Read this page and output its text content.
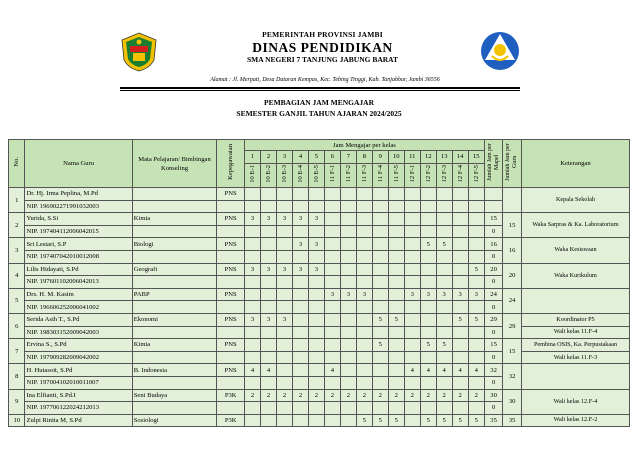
PEMERINTAH PROVINSI JAMBI
DINAS PENDIDIKAN
SMA NEGERI 7 TANJUNG JABUNG BARAT
Alamat : Jl. Merpati, Desa Dataran Kempas, Kec. Tebing Tinggi, Kab. Tanjabbar, Jambi 36556
PEMBAGIAN JAM MENGAJAR
SEMESTER GANJIL TAHUN AJARAN 2024/2025
No.	Nama Guru	Mata Pelajaran/ Bimbingan Konseling	Kepegawaian	Jam Mengajar per kelas															Jumlah Jam per Mapel	Jumlah Jam per Guru	Keterangan
				1	2	3	4	5	6	7	8	9	10	11	12	13	14	15			
				10 E-1	10 E-2	10 E-3	10 E-4	10 E-5	11 F-1	11 F-2	11 F-3	11 F-4	11 F-5	12 F-1	12 F-2	12 F-3	12 F-4	12 F-5			
1	Dr. Hj. Irma Peplina, M.Pd		PNS																		Kepala Sekolah
	NIP. 196902271991032003																				
2	Yurida, S.Si	Kimia	PNS	3	3	3	3	3											15	15	Waka Sarpras & Ka. Laboratorium
	NIP. 197404112006042015																		0		
3	Sri Lestari, S.P	Biologi	PNS				3	3							5	5			16	16	Waka Kesiswaan
	NIP. 197407042010012008																		0		
4	Lilis Hidayati, S.Pd	Geografi	PNS	3	3	3	3	3										5	20	20	Waka Kurikulum
	NIP. 197601102006042013																		0		
5	Drs. H. M. Kasim	PABP	PNS						3	3	3			3	3	3	3	3	24	24	
	NIP. 196606252006041002																		0		
6	Serida Asih T., S.Pd	Ekonomi	PNS	3	3	3						5	5				5	5	29	29	Koordinator P5
	NIP. 198303152009042003																		0		Wali kelas 11.F-4
7	Ervina S., S.Pd	Kimia	PNS									5			5	5			15	15	Pembina OSIS, Ka. Perpustakaan
	NIP. 197909282009042002																		0		Wali kelas 11.F-3
8	H. Hutasoit, S.Pd	B. Indonesia	PNS	4	4				4					4	4	4	4	4	32	32	
	NIP. 197004102010011007																		0		
9	Ina Elfianti, S.Pd.I	Seni Budaya	P3K	2	2	2	2	2	2	2	2	2	2	2	2	2	2	2	30	30	Wali kelas 12.F-4
	NIP. 197706122024212013																		0		
10	Zulpi Rinita M, S.Pd	Sosiologi	P3K								5	5	5		5	5	5	5	35	35	Wali kelas 12.F-2
